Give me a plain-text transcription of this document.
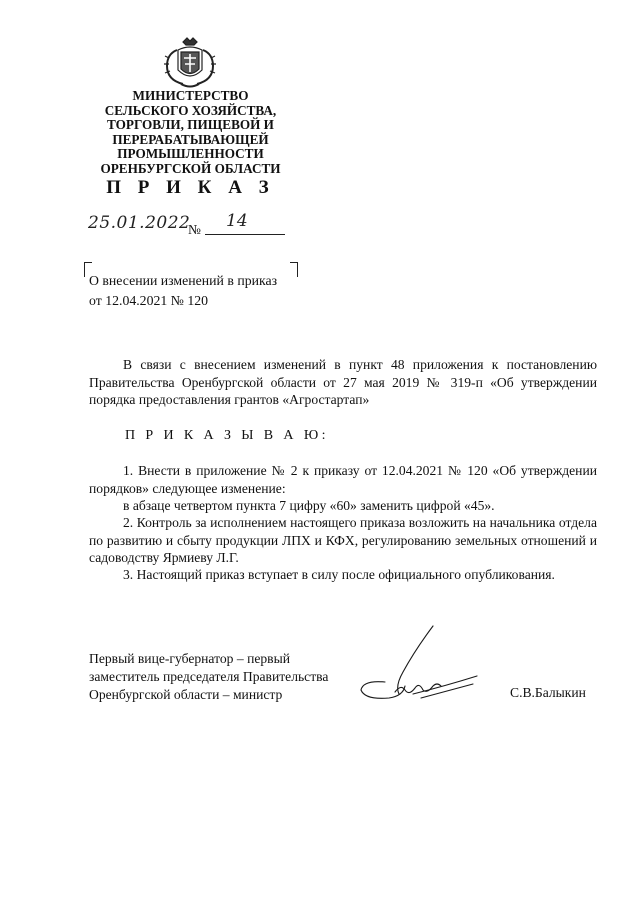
МИНИСТЕРСТВО
СЕЛЬСКОГО ХОЗЯЙСТВА,
ТОРГОВЛИ, ПИЩЕВОЙ И
ПЕРЕРАБАТЫВАЮЩЕЙ
ПРОМЫШЛЕННОСТИ
ОРЕНБУРГСКОЙ ОБЛАСТИ
П Р И К А З
25.01.2022
№ 14
О внесении изменений в приказ
от 12.04.2021 № 120
В связи с внесением изменений в пункт 48 приложения к постановлению Правительства Оренбургской области от 27 мая 2019 № 319-п «Об утверждении порядка предоставления грантов «Агростартап»
П Р И К А З Ы В А Ю:
1. Внести в приложение № 2 к приказу от 12.04.2021 № 120 «Об утверждении порядков» следующее изменение:
в абзаце четвертом пункта 7 цифру «60» заменить цифрой «45».
2. Контроль за исполнением настоящего приказа возложить на начальника отдела по развитию и сбыту продукции ЛПХ и КФХ, регулированию земельных отношений и садоводству Ярмиеву Л.Г.
3. Настоящий приказ вступает в силу после официального опубликования.
Первый вице-губернатор – первый
заместитель председателя Правительства
Оренбургской области – министр	С.В.Балыкин
